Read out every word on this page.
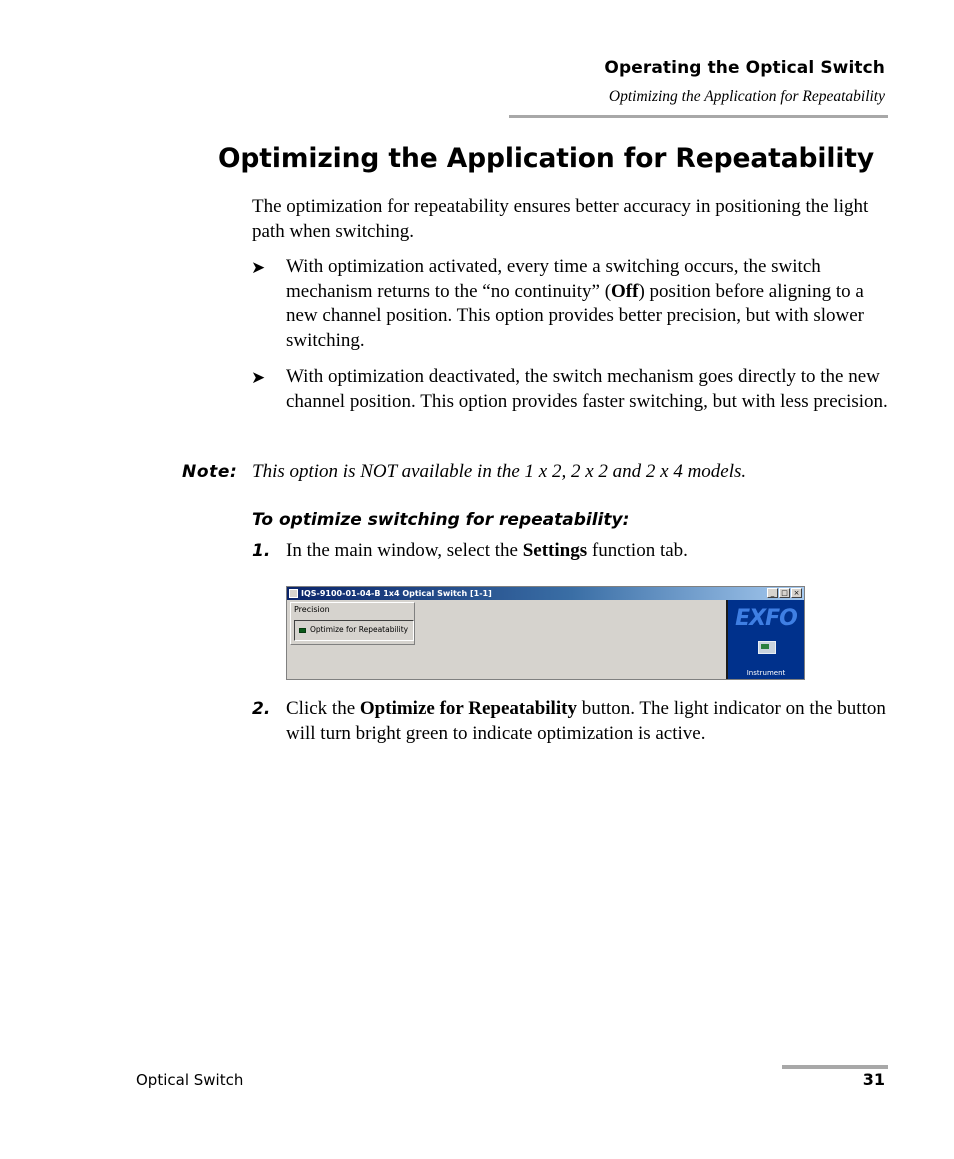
Operating the Optical Switch
Optimizing the Application for Repeatability
Optimizing the Application for Repeatability
The optimization for repeatability ensures better accuracy in positioning the light path when switching.
➤ With optimization activated, every time a switching occurs, the switch mechanism returns to the “no continuity” (Off) position before aligning to a new channel position. This option provides better precision, but with slower switching.
➤ With optimization deactivated, the switch mechanism goes directly to the new channel position. This option provides faster switching, but with less precision.
Note: This option is NOT available in the 1 x 2, 2 x 2 and 2 x 4 models.
To optimize switching for repeatability:
1. In the main window, select the Settings function tab.
IQS-9100-01-04-B 1x4 Optical Switch [1-1]	_ □ ×
Precision
Optimize for Repeatability	EXFO
Instrument
2. Click the Optimize for Repeatability button. The light indicator on the button will turn bright green to indicate optimization is active.
Optical Switch	31
